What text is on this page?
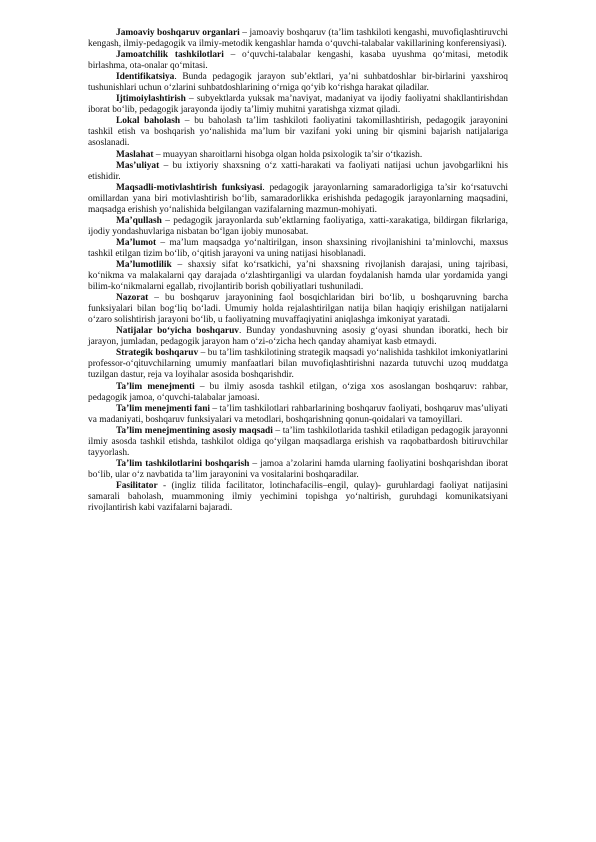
Jamoaviy boshqaruv organlari – jamoaviy boshqaruv (ta’lim tashkiloti kengashi, muvofiqlashtiruvchi kengash, ilmiy-pedagogik va ilmiy-metodik kengashlar hamda o‘quvchi-talabalar vakillarining konferensiyasi).

Jamoatchilik tashkilotlari – o‘quvchi-talabalar kengashi, kasaba uyushma qo‘mitasi, metodik birlashma, ota-onalar qo‘mitasi.

Identifikatsiya. Bunda pedagogik jarayon sub’ektlari, ya’ni suhbatdoshlar bir-birlarini yaxshiroq tushunishlari uchun o‘zlarini suhbatdoshlarining o‘rniga qo‘yib ko‘rishga harakat qiladilar.

Ijtimoiylashtirish – subyektlarda yuksak ma’naviyat, madaniyat va ijodiy faoliyatni shakllantirishdan iborat bo‘lib, pedagogik jarayonda ijodiy ta’limiy muhitni yaratishga xizmat qiladi.

Lokal baholash – bu baholash ta’lim tashkiloti faoliyatini takomillashtirish, pedagogik jarayonini tashkil etish va boshqarish yo‘nalishida ma’lum bir vazifani yoki uning bir qismini bajarish natijalariga asoslanadi.

Maslahat – muayyan sharoitlarni hisobga olgan holda psixologik ta’sir o‘tkazish.

Mas’uliyat – bu ixtiyoriy shaxsning o‘z xatti-harakati va faoliyati natijasi uchun javobgarlikni his etishidir.

Maqsadli-motivlashtirish funksiyasi. pedagogik jarayonlarning samaradorligiga ta’sir ko‘rsatuvchi omillardan yana biri motivlashtirish bo‘lib, samaradorlikka erishishda pedagogik jarayonlarning maqsadini, maqsadga erishish yo‘nalishida belgilangan vazifalarning mazmun-mohiyati.

Ma’qullash – pedagogik jarayonlarda sub’ektlarning faoliyatiga, xatti-xarakatiga, bildirgan fikrlariga, ijodiy yondashuvlariga nisbatan bo‘lgan ijobiy munosabat.

Ma’lumot – ma’lum maqsadga yo‘naltirilgan, inson shaxsining rivojlanishini ta’minlovchi, maxsus tashkil etilgan tizim bo‘lib, o‘qitish jarayoni va uning natijasi hisoblanadi.

Ma’lumotlilik – shaxsiy sifat ko‘rsatkichi, ya’ni shaxsning rivojlanish darajasi, uning tajribasi, ko‘nikma va malakalarni qay darajada o‘zlashtirganligi va ulardan foydalanish hamda ular yordamida yangi bilim-ko‘nikmalarni egallab, rivojlantirib borish qobiliyatlari tushuniladi.

Nazorat – bu boshqaruv jarayonining faol bosqichlaridan biri bo‘lib, u boshqaruvning barcha funksiyalari bilan bog‘liq bo‘ladi. Umumiy holda rejalashtirilgan natija bilan haqiqiy erishilgan natijalarni o‘zaro solishtirish jarayoni bo‘lib, u faoliyatning muvaffaqiyatini aniqlashga imkoniyat yaratadi.

Natijalar bo‘yicha boshqaruv. Bunday yondashuvning asosiy g‘oyasi shundan iboratki, hech bir jarayon, jumladan, pedagogik jarayon ham o‘zi-o‘zicha hech qanday ahamiyat kasb etmaydi.

Strategik boshqaruv – bu ta’lim tashkilotining strategik maqsadi yo‘nalishida tashkilot imkoniyatlarini professor-o‘qituvchilarning umumiy manfaatlari bilan muvofiqlashtirishni nazarda tutuvchi uzoq muddatga tuzilgan dastur, reja va loyihalar asosida boshqarishdir.

Ta’lim menejmenti – bu ilmiy asosda tashkil etilgan, o‘ziga xos asoslangan boshqaruv: rahbar, pedagogik jamoa, o‘quvchi-talabalar jamoasi.

Ta’lim menejmenti fani – ta’lim tashkilotlari rahbarlarining boshqaruv faoliyati, boshqaruv mas’uliyati va madaniyati, boshqaruv funksiyalari va metodlari, boshqarishning qonun-qoidalari va tamoyillari.

Ta’lim menejmentining asosiy maqsadi – ta’lim tashkilotlarida tashkil etiladigan pedagogik jarayonni ilmiy asosda tashkil etishda, tashkilot oldiga qo‘yilgan maqsadlarga erishish va raqobatbardosh bitiruvchilar tayyorlash.

Ta’lim tashkilotlarini boshqarish – jamoa a’zolarini hamda ularning faoliyatini boshqarishdan iborat bo‘lib, ular o‘z navbatida ta’lim jarayonini va vositalarini boshqaradilar.

Fasilitator - (ingliz tilida facilitator, lotinchafacilis–engil, qulay)- guruhlardagi faoliyat natijasini samarali baholash, muammoning ilmiy yechimini topishga yo‘naltirish, guruhdagi komunikatsiyani rivojlantirish kabi vazifalarni bajaradi.
